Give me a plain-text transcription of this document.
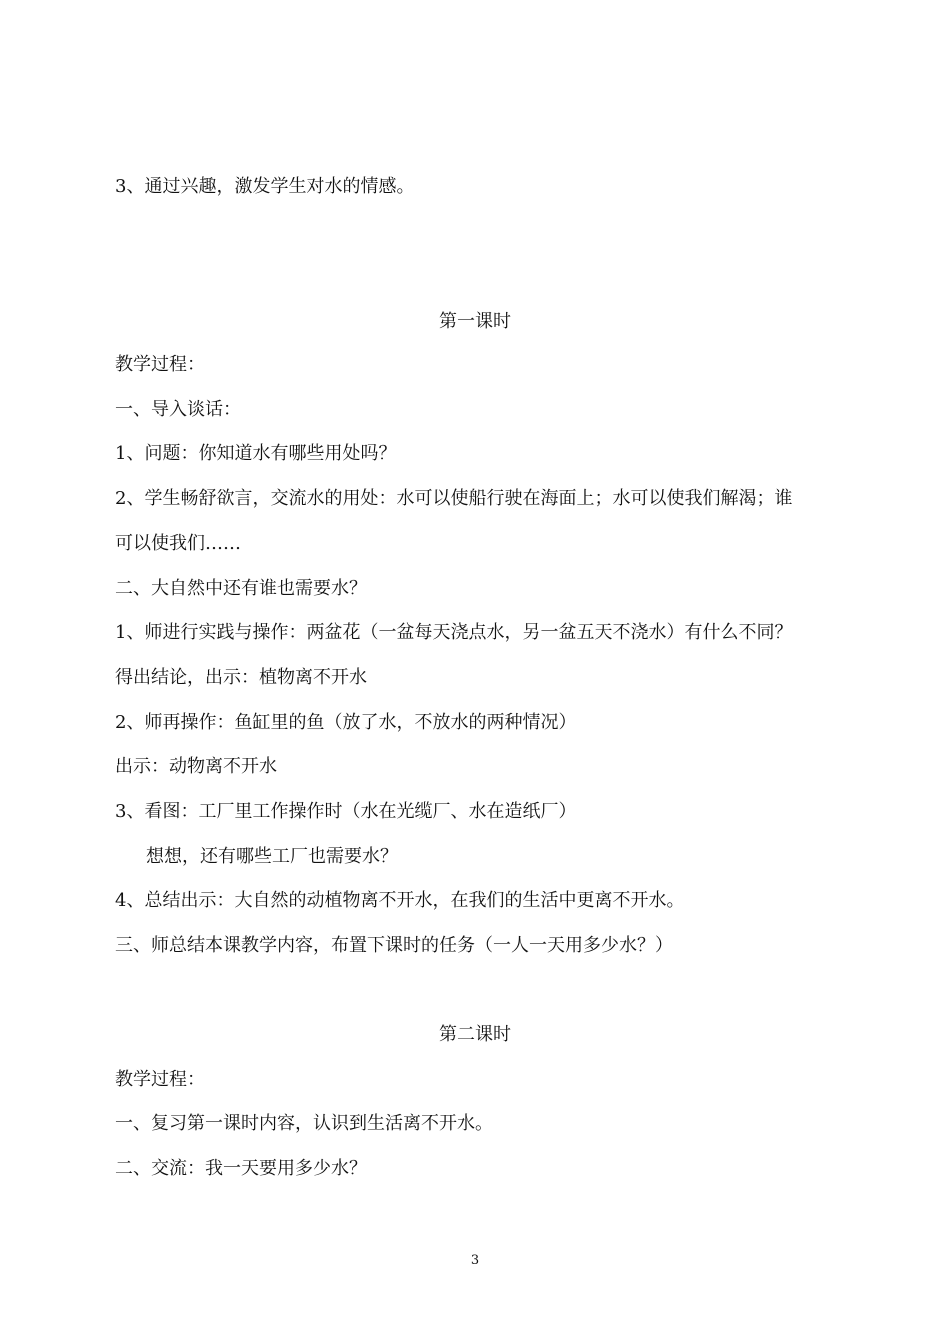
3、通过兴趣，激发学生对水的情感。
第一课时
教学过程：
一、导入谈话：
1、问题：你知道水有哪些用处吗？
2、学生畅舒欲言，交流水的用处：水可以使船行驶在海面上；水可以使我们解渴；谁
可以使我们……
二、大自然中还有谁也需要水？
1、师进行实践与操作：两盆花（一盆每天浇点水，另一盆五天不浇水）有什么不同？
得出结论，出示：植物离不开水
2、师再操作：鱼缸里的鱼（放了水，不放水的两种情况）
出示：动物离不开水
3、看图：工厂里工作操作时（水在光缆厂、水在造纸厂）
想想，还有哪些工厂也需要水？
4、总结出示：大自然的动植物离不开水，在我们的生活中更离不开水。
三、师总结本课教学内容，布置下课时的任务（一人一天用多少水？）
第二课时
教学过程：
一、复习第一课时内容，认识到生活离不开水。
二、交流：我一天要用多少水？
3
